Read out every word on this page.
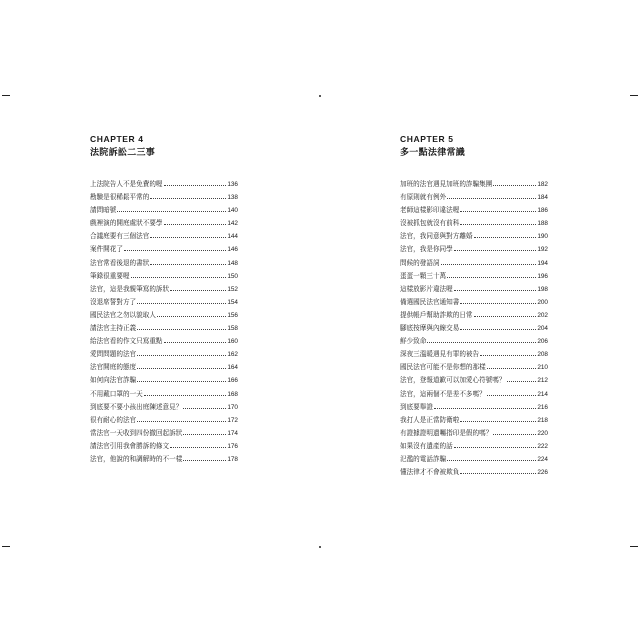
CHAPTER 4
法院訴訟二三事
上法院告人不是免費的喔	136
勘驗是很稀鬆平常的	138
請問暗號	140
戲裡演的開庭處狀不要學	142
合議庭要有三個法官	144
案件開花了	146
法官常看後退的書狀	148
筆錄很重要喔	150
法官，這是我親筆寫的訴狀	152
沒退席誓對方了	154
國民法官之勿以貌取人	156
請法官主持正義	158
給法官看的作文只寫重點	160
愛問問題的法官	162
法官開庭的態度	164
如何向法官詐騙	166
不用戴口罩的一天	168
到底要不要小孩出庭陳述意見？	170
很有耐心的法官	172
當法官一天收到四份撤回起訴狀	174
請法官引用我會勝訴的條文	176
法官，他說的和調解時的不一樣	178
CHAPTER 5
多一點法律常識
加班的法官遇見加班的詐騙集團	182
有原則就有例外	184
老師這樣影印違法喔	186
沒被抓包就沒有前科	188
法官，我同意與對方離婚	190
法官，我是你同學	192
問候的發語詞	194
蛋蛋一顆三十萬	196
這樣放影片違法喔	198
備選國民法官通知書	200
提供帳戶幫助詐欺的日常	202
腳底按摩與內線交易	204
鮮少致命	206
深夜三溫暖遇見有罪的被告	208
國民法官可能不是你想的那樣	210
法官，登報道歉可以加愛心符號嗎？	212
法官，這兩個不是差不多嗎？	214
到底要舉證	216
我打人是正當防衛啦	218
有證據證明遺囑指印是假的嗎？	220
如果沒有遺產的話	222
氾濫的電話詐騙	224
懂法律才不會被欺負	226
